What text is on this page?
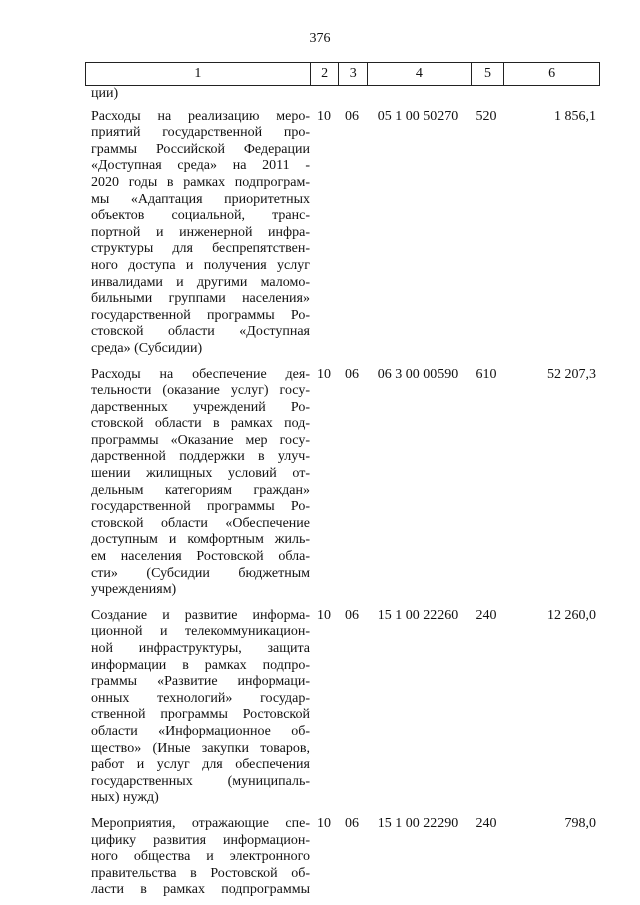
376
1	2	3	4	5	6
ции)
Расходы на реализацию меро-
приятий государственной про-
граммы Российской Федерации
«Доступная среда» на 2011 -
2020 годы в рамках подпрограм-
мы «Адаптация приоритетных
объектов социальной, транс-
портной и инженерной инфра-
структуры для беспрепятствен-
ного доступа и получения услуг
инвалидами и другими маломо-
бильными группами населения»
государственной программы Ро-
стовской области «Доступная
среда» (Субсидии)
10	06	05 1 00 50270	520	1 856,1
Расходы на обеспечение дея-
тельности (оказание услуг) госу-
дарственных учреждений Ро-
стовской области в рамках под-
программы «Оказание мер госу-
дарственной поддержки в улуч-
шении жилищных условий от-
дельным категориям граждан»
государственной программы Ро-
стовской области «Обеспечение
доступным и комфортным жиль-
ем населения Ростовской обла-
сти» (Субсидии бюджетным
учреждениям)
10	06	06 3 00 00590	610	52 207,3
Создание и развитие информа-
ционной и телекоммуникацион-
ной инфраструктуры, защита
информации в рамках подпро-
граммы «Развитие информаци-
онных технологий» государ-
ственной программы Ростовской
области «Информационное об-
щество» (Иные закупки товаров,
работ и услуг для обеспечения
государственных (муниципаль-
ных) нужд)
10	06	15 1 00 22260	240	12 260,0
Мероприятия, отражающие спе-
цифику развития информацион-
ного общества и электронного
правительства в Ростовской об-
ласти в рамках подпрограммы
10	06	15 1 00 22290	240	798,0
